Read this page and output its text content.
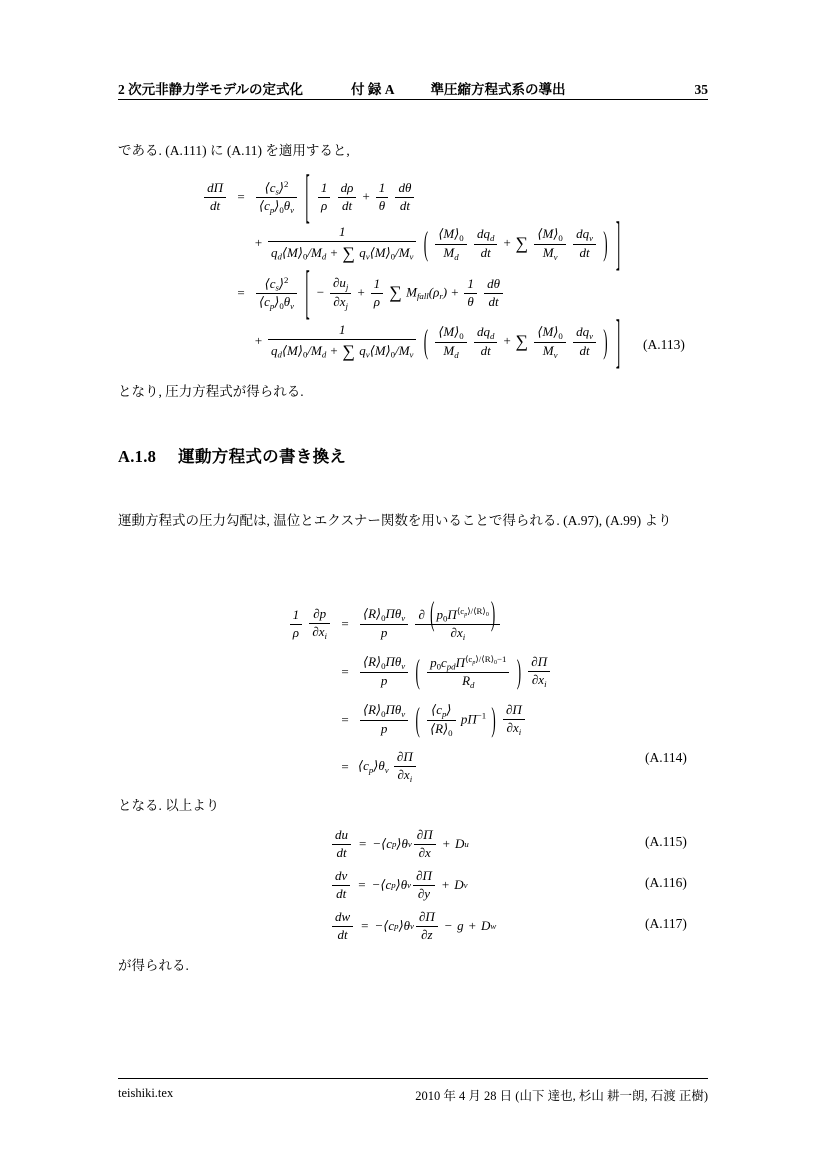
2 次元非静力学モデルの定式化	付 録 A	準圧縮方程式系の導出	35
である. (A.111) に (A.11) を適用すると,
$\frac{d\Pi}{dt} = \frac{⟨c_s⟩^2}{⟨c_p⟩_0\theta_v}$ [ $\frac{1}{\rho}$
$\frac{d\rho}{dt} + \frac{1}{\theta}$
$\frac{d\theta}{dt}$
+ $\frac{1}{q_d⟨M⟩_0/M_d + \sum q_v⟨M⟩_0/M_v}$ ( $\frac{⟨M⟩_0}{M_d}$
$\frac{dq_d}{dt}$ + ∑ $\frac{⟨M⟩_0}{M_v}$
$\frac{dq_v}{dt}$ ) ]
= $\frac{⟨c_s⟩^2}{⟨c_p⟩_0\theta_v}$ [ − $\frac{\partial u_j}{\partial x_j} + \frac{1}{\rho}$ ∑ $M_{fall}(\rho_r) + \frac{1}{\theta}$
$\frac{d\theta}{dt}$
+ $\frac{1}{q_d⟨M⟩_0/M_d + \sum q_v⟨M⟩_0/M_v}$ ( $\frac{⟨M⟩_0}{M_d}$
$\frac{dq_d}{dt}$ + ∑ $\frac{⟨M⟩_0}{M_v}$
$\frac{dq_v}{dt}$ ) ] (A.113)
となり, 圧力方程式が得られる.
A.1.8 運動方程式の書き換え
運動方程式の圧力勾配は, 温位とエクスナー関数を用いることで得られる. (A.97), (A.99) より
$\frac{1}{\rho}$
$\frac{\partial p}{\partial x_i} = \frac{⟨R⟩_0\Pi\theta_v}{p}$
$\frac{\partial ( p_0\Pi^{⟨c_p⟩/⟨R⟩_0} )}{\partial x_i}$
= $\frac{⟨R⟩_0\Pi\theta_v}{p}$ ( $\frac{p_0c_{pd}\Pi^{⟨c_p⟩/⟨R⟩_0-1}}{R_d}$ ) $\frac{\partial\Pi}{\partial x_i}$
= $\frac{⟨R⟩_0\Pi\theta_v}{p}$ ( $\frac{⟨c_p⟩}{⟨R⟩_0} p\Pi^{-1}$ ) $\frac{\partial\Pi}{\partial x_i}$
= $⟨c_p⟩\theta_v \frac{\partial\Pi}{\partial x_i}$	(A.114)
となる. 以上より
$\frac{du}{dt}$ = −⟨c p ⟩θ v $\frac{\partial\Pi}{\partial x} + D$ u	(A.115)
$\frac{dv}{dt}$ = −⟨c p ⟩θ v $\frac{\partial\Pi}{\partial y} + D$ v	(A.116)
$\frac{dw}{dt}$ = −⟨c p ⟩θ v $\frac{\partial\Pi}{\partial z} - g + D$ w	(A.117)
が得られる.
teishiki.tex	2010 年 4 月 28 日 (山下 達也, 杉山 耕一朗, 石渡 正樹)
